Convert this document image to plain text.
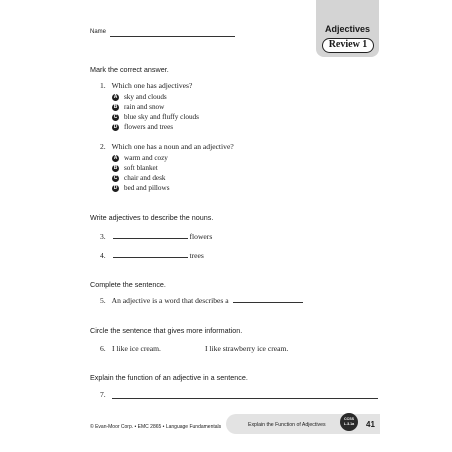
Name	Adjectives
Review 1
Mark the correct answer.
1. Which one has adjectives?
A sky and clouds
B rain and snow
C blue sky and fluffy clouds
D flowers and trees
2. Which one has a noun and an adjective?
A warm and cozy
B soft blanket
C chair and desk
D bed and pillows
Write adjectives to describe the nouns.
3.	flowers
4.	trees
Complete the sentence.
5. An adjective is a word that describes a
Circle the sentence that gives more information.
6. I like ice cream.	I like strawberry ice cream.
Explain the function of an adjective in a sentence.
7.
© Evan-Moor Corp. • EMC 2865 • Language Fundamentals	Explain the Function of Adjectives
CCSS
L.3.1a	41
